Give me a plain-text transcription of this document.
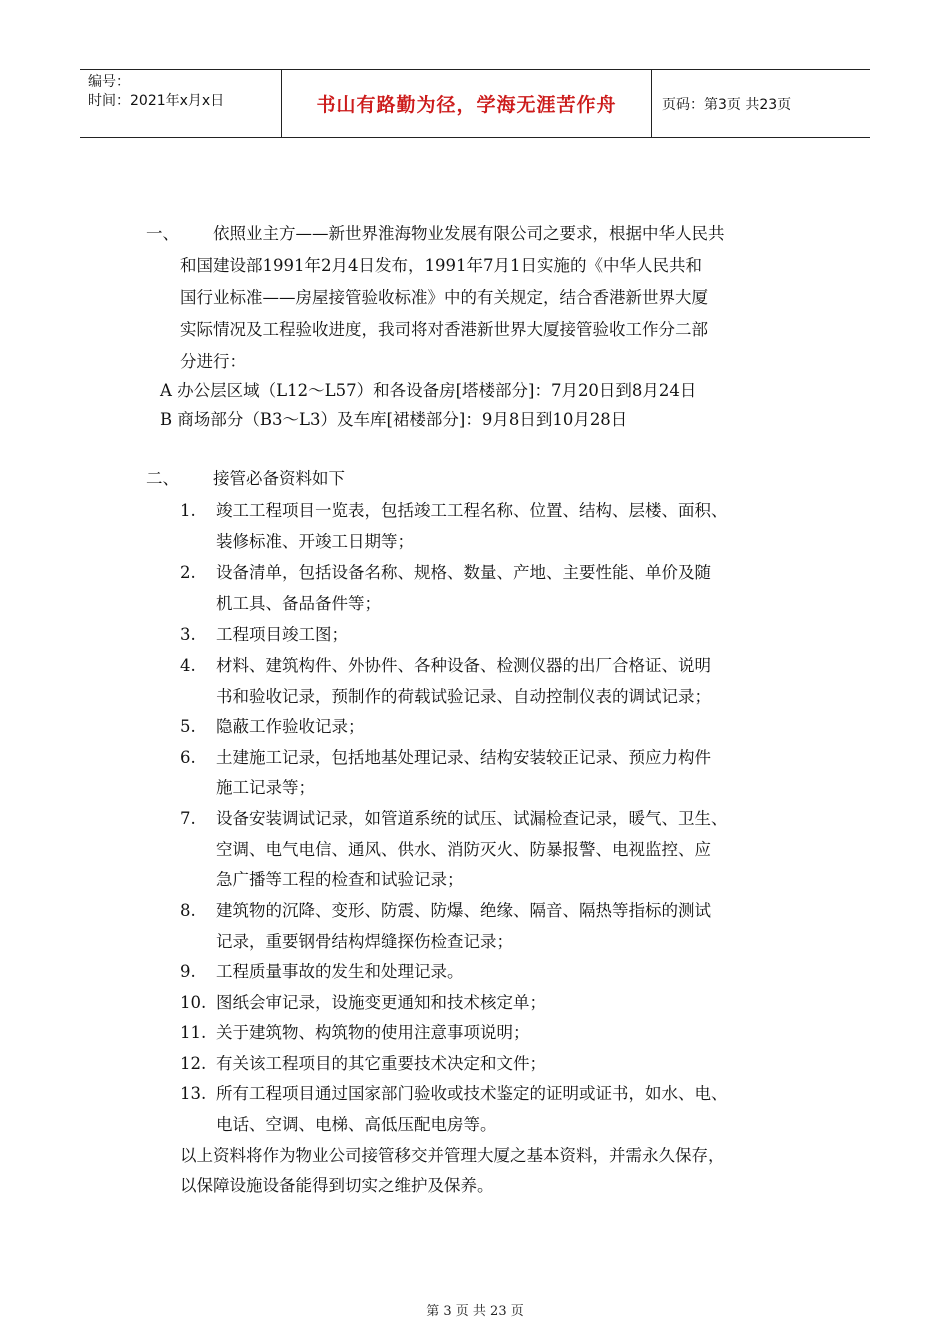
编号：
时间：2021年x月x日	书山有路勤为径，学海无涯苦作舟	页码：第3页 共23页
一、 依照业主方——新世界淮海物业发展有限公司之要求，根据中华人民共
和国建设部1991年2月4日发布，1991年7月1日实施的《中华人民共和
国行业标准——房屋接管验收标准》中的有关规定，结合香港新世界大厦
实际情况及工程验收进度，我司将对香港新世界大厦接管验收工作分二部
分进行：
A 办公层区域（L12～L57）和各设备房[塔楼部分]：7月20日到8月24日
B 商场部分（B3～L3）及车库[裙楼部分]：9月8日到10月28日
二、 接管必备资料如下
1. 竣工工程项目一览表，包括竣工工程名称、位置、结构、层楼、面积、
装修标准、开竣工日期等；
2. 设备清单，包括设备名称、规格、数量、产地、主要性能、单价及随
机工具、备品备件等；
3. 工程项目竣工图；
4. 材料、建筑构件、外协件、各种设备、检测仪器的出厂合格证、说明
书和验收记录，预制作的荷载试验记录、自动控制仪表的调试记录；
5. 隐蔽工作验收记录；
6. 土建施工记录，包括地基处理记录、结构安装较正记录、预应力构件
施工记录等；
7. 设备安装调试记录，如管道系统的试压、试漏检查记录，暖气、卫生、
空调、电气电信、通风、供水、消防灭火、防暴报警、电视监控、应
急广播等工程的检查和试验记录；
8. 建筑物的沉降、变形、防震、防爆、绝缘、隔音、隔热等指标的测试
记录，重要钢骨结构焊缝探伤检查记录；
9. 工程质量事故的发生和处理记录。
10. 图纸会审记录，设施变更通知和技术核定单；
11. 关于建筑物、构筑物的使用注意事项说明；
12. 有关该工程项目的其它重要技术决定和文件；
13. 所有工程项目通过国家部门验收或技术鉴定的证明或证书，如水、电、
电话、空调、电梯、高低压配电房等。
以上资料将作为物业公司接管移交并管理大厦之基本资料，并需永久保存，
以保障设施设备能得到切实之维护及保养。
第 3 页 共 23 页
